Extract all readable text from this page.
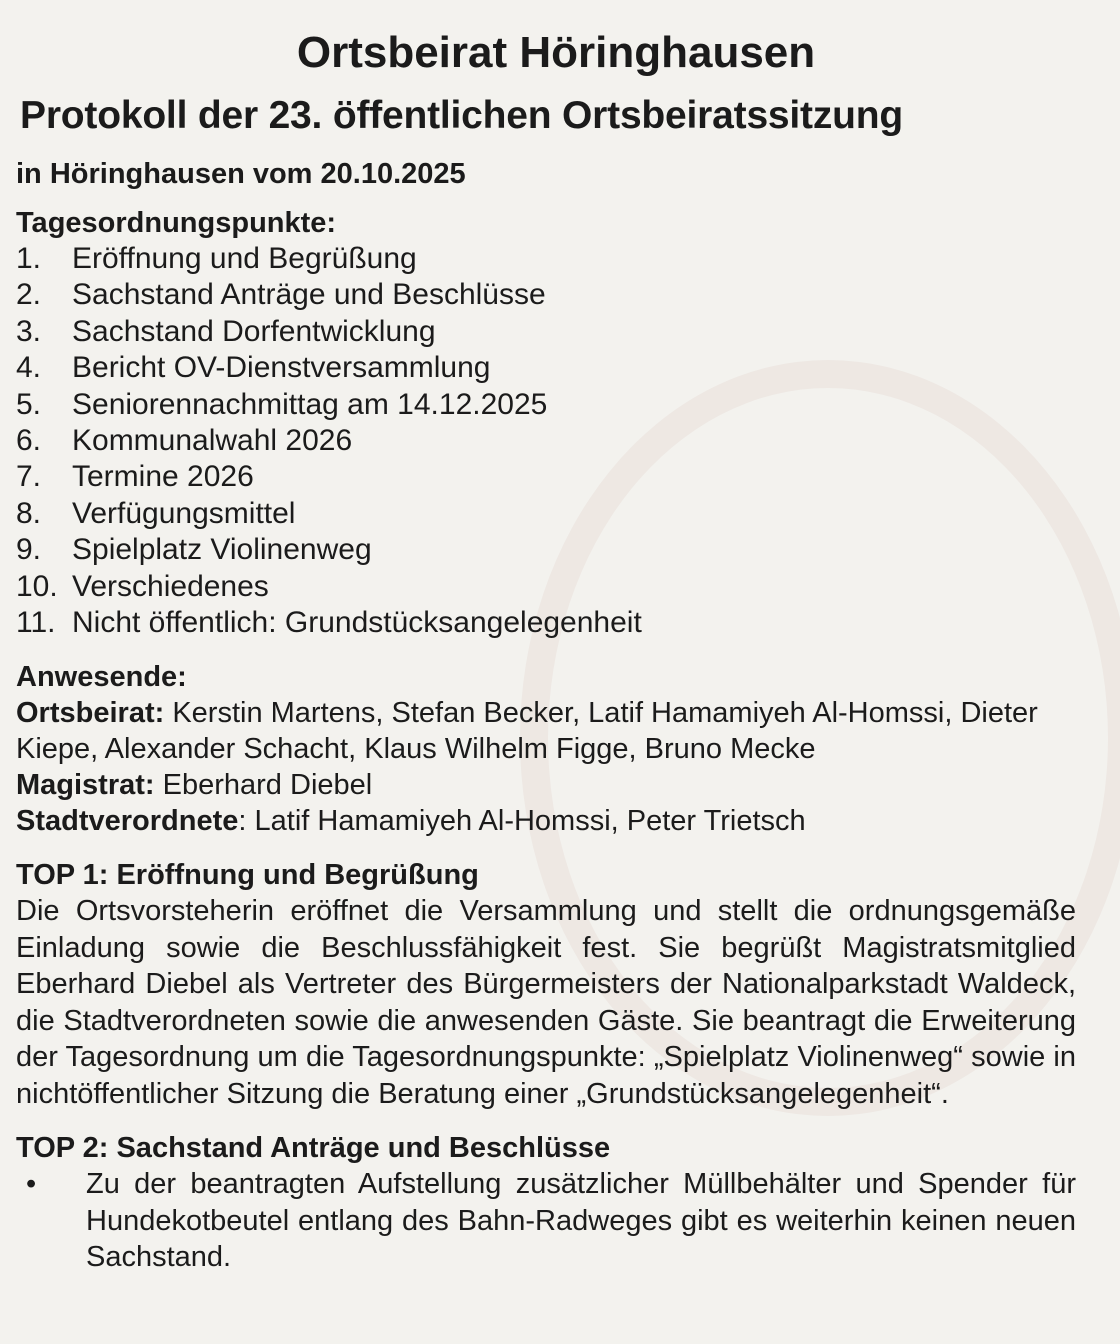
Ortsbeirat Höringhausen
Protokoll der 23. öffentlichen Ortsbeiratssitzung
in Höringhausen vom 20.10.2025
Tagesordnungspunkte:
1.	Eröffnung und Begrüßung
2.	Sachstand Anträge und Beschlüsse
3.	Sachstand Dorfentwicklung
4.	Bericht OV-Dienstversammlung
5.	Seniorennachmittag am 14.12.2025
6.	Kommunalwahl 2026
7.	Termine 2026
8.	Verfügungsmittel
9.	Spielplatz Violinenweg
10. Verschiedenes
11. Nicht öffentlich: Grundstücksangelegenheit
Anwesende:
Ortsbeirat: Kerstin Martens, Stefan Becker, Latif Hamamiyeh Al-Homssi, Dieter Kiepe, Alexander Schacht, Klaus Wilhelm Figge, Bruno Mecke
Magistrat: Eberhard Diebel
Stadtverordnete: Latif Hamamiyeh Al-Homssi, Peter Trietsch
TOP 1: Eröffnung und Begrüßung
Die Ortsvorsteherin eröffnet die Versammlung und stellt die ordnungsgemäße Einladung sowie die Beschlussfähigkeit fest. Sie begrüßt Magistratsmitglied Eberhard Diebel als Vertreter des Bürgermeisters der Nationalparkstadt Waldeck, die Stadtverordneten sowie die anwesenden Gäste. Sie beantragt die Erweiterung der Tagesordnung um die Tagesordnungspunkte: „Spielplatz Violinenweg“ sowie in nichtöffentlicher Sitzung die Beratung einer „Grundstücksangelegenheit“.
TOP 2: Sachstand Anträge und Beschlüsse
•	Zu der beantragten Aufstellung zusätzlicher Müllbehälter und Spender für Hundekotbeutel entlang des Bahn-Radweges gibt es weiterhin keinen neuen Sachstand.
